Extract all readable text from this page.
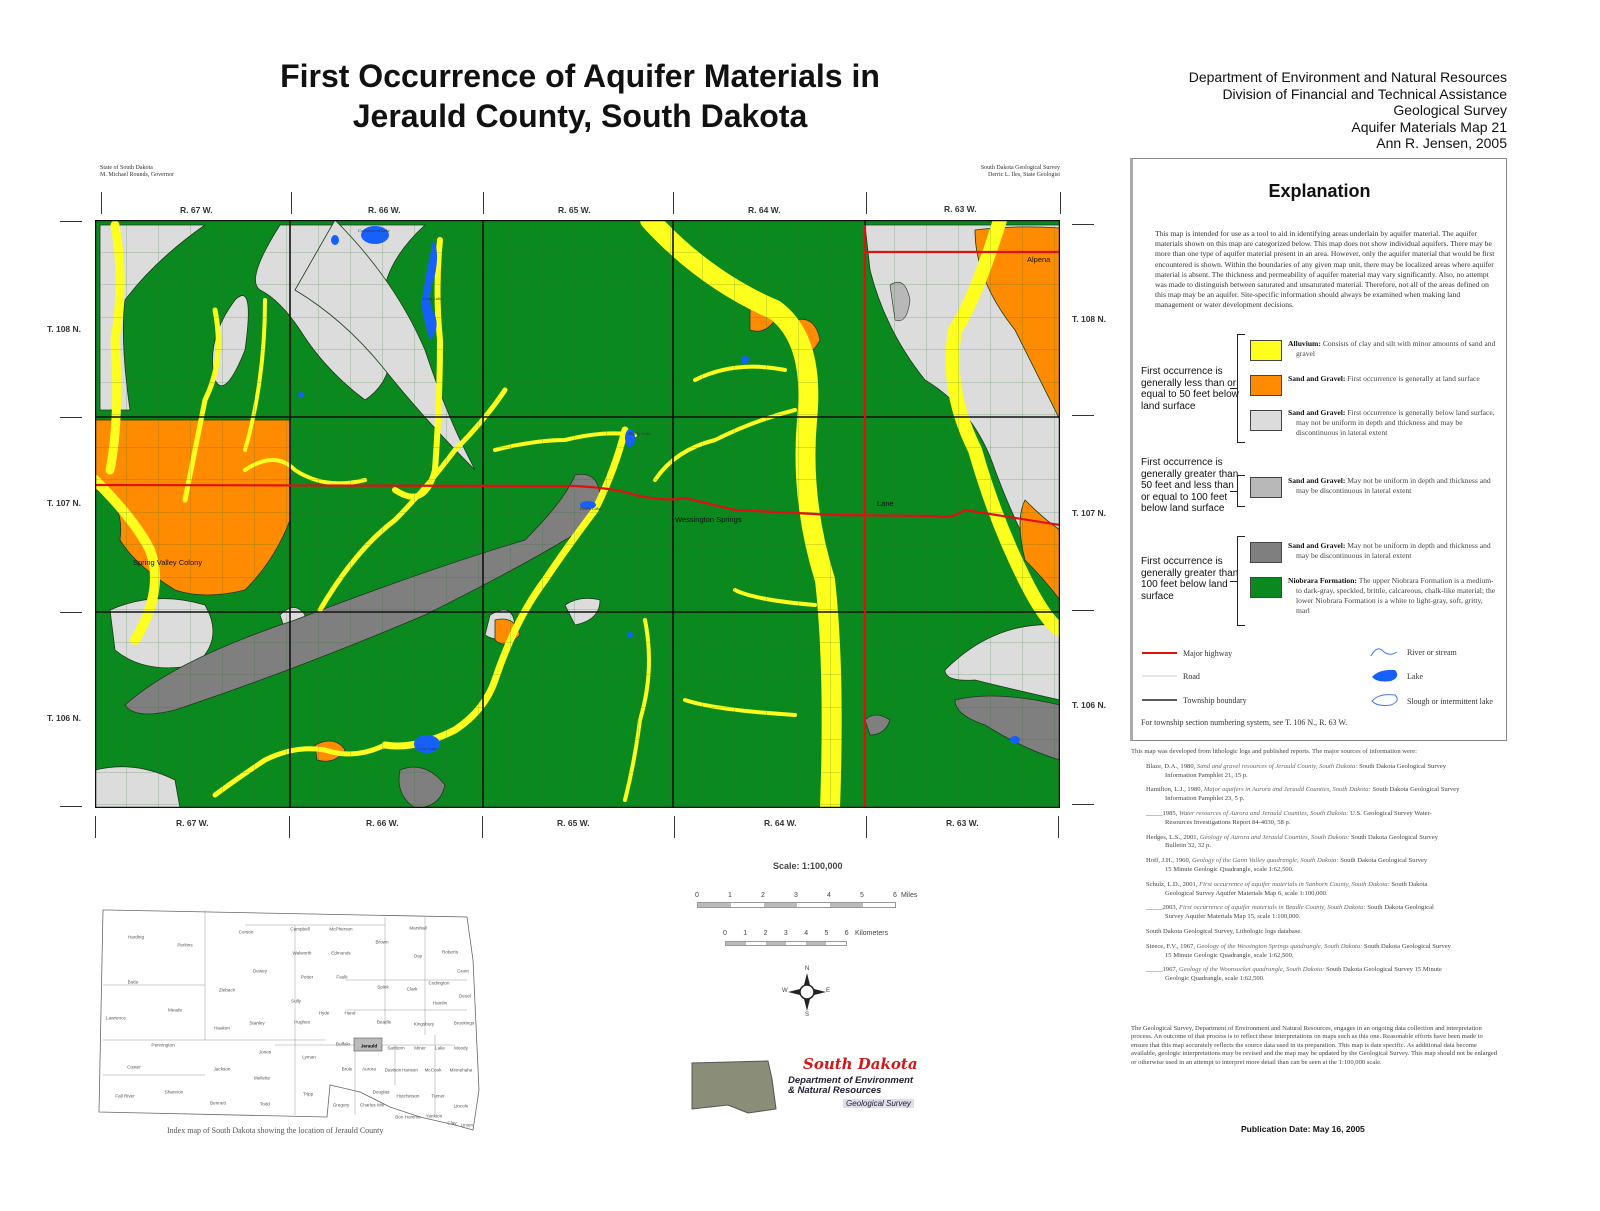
First Occurrence of Aquifer Materials in
Jerauld County, South Dakota
Department of Environment and Natural Resources
Division of Financial and Technical Assistance
Geological Survey
Aquifer Materials Map 21
Ann R. Jensen, 2005
State of South Dakota
M. Michael Rounds, Governor
South Dakota Geological Survey
Derric L. Iles, State Geologist
R. 67 W.	R. 66 W.	R. 65 W.	R. 64 W.	R. 63 W.
R. 67 W.	R. 66 W.	R. 65 W.	R. 64 W.	R. 63 W.
T. 108 N.
T. 107 N.
T. 106 N.
T. 108 N.
T. 107 N.
T. 106 N.
Alpena
Lane
Wessington Springs
Spring Valley Colony
Cottonwood Lake
Long Lake
Crow Lake
Dudley Lake
Dears Lake
Explanation
This map is intended for use as a tool to aid in identifying areas underlain by aquifer material. The aquifer materials shown on this map are categorized below. This map does not show individual aquifers. There may be more than one type of aquifer material present in an area. However, only the aquifer material that would be first encountered is shown. Within the boundaries of any given map unit, there may be localized areas where aquifer material is absent. The thickness and permeability of aquifer material may vary significantly. Also, no attempt was made to distinguish between saturated and unsaturated material. Therefore, not all of the areas defined on this map may be an aquifer. Site-specific information should always be examined when making land management or water development decisions.
First occurrence is generally less than or equal to 50 feet below land surface
First occurrence is generally greater than 50 feet and less than or equal to 100 feet below land surface
First occurrence is generally greater than 100 feet below land surface
Alluvium: Consists of clay and silt with minor amounts of sand and gravel
Sand and Gravel: First occurrence is generally at land surface
Sand and Gravel: First occurrence is generally below land surface, may not be uniform in depth and thickness and may be discontinuous in lateral extent
Sand and Gravel: May not be uniform in depth and thickness and may be discontinuous in lateral extent
Sand and Gravel: May not be uniform in depth and thickness and may be discontinuous in lateral extent
Niobrara Formation: The upper Niobrara Formation is a medium- to dark-gray, speckled, brittle, calcareous, chalk-like material; the lower Niobrara Formation is a white to light-gray, soft, gritty, marl
Major highway
Road
Township boundary
River or stream
Lake
Slough or intermittent lake
For township section numbering system, see T. 106 N., R. 63 W.
This map was developed from lithologic logs and published reports. The major sources of information were:
Blaze, D.A., 1980, Sand and gravel resources of Jerauld County, South Dakota: South Dakota Geological Survey
Information Pamphlet 21, 15 p.
Hamilton, L.J., 1980, Major aquifers in Aurora and Jerauld Counties, South Dakota: South Dakota Geological Survey
Information Pamphlet 23, 5 p.
_____1985, Water resources of Aurora and Jerauld Counties, South Dakota: U.S. Geological Survey Water-
Resources Investigations Report 84-4030, 58 p.
Hedges, L.S., 2001, Geology of Aurora and Jerauld Counties, South Dakota: South Dakota Geological Survey
Bulletin 32, 32 p.
Hoff, J.H., 1960, Geology of the Gann Valley quadrangle, South Dakota: South Dakota Geological Survey
15 Minute Geologic Quadrangle, scale 1:62,500.
Schulz, L.D., 2001, First occurrence of aquifer materials in Sanborn County, South Dakota: South Dakota
Geological Survey Aquifer Materials Map 6, scale 1:100,000.
_____2003, First occurrence of aquifer materials in Beadle County, South Dakota: South Dakota Geological
Survey Aquifer Materials Map 15, scale 1:100,000.
South Dakota Geological Survey, Lithologic logs database.
Steece, F.V., 1967, Geology of the Wessington Springs quadrangle, South Dakota: South Dakota Geological Survey
15 Minute Geologic Quadrangle, scale 1:62,500.
_____1967, Geology of the Woonsocket quadrangle, South Dakota: South Dakota Geological Survey 15 Minute
Geologic Quadrangle, scale 1:62,500.
The Geological Survey, Department of Environment and Natural Resources, engages in an ongoing data collection and interpretation process. An outcome of that process is to reflect these interpretations on maps such as this one. Reasonable efforts have been made to ensure that this map accurately reflects the source data used in its preparation. This map is date specific. As additional data become available, geologic interpretations may be revised and the map may be updated by the Geological Survey. This map should not be enlarged or otherwise used in an attempt to interpret more detail than can be seen at the 1:100,000 scale.
Publication Date: May 16, 2005
Scale: 1:100,000
Miles
Kilometers
N
S
W	E
South Dakota
Department of Environment
& Natural Resources
Geological Survey
Index map of South Dakota showing the location of Jerauld County
0	1	2	3	4	5	6
0 1 2 3 4 5 6
Harding
Perkins
Corson
Campbell	McPherson
Brown
Marshall
Roberts
Day
Grant
Walworth	Edmunds
Dewey
Butte
Ziebach
Potter	Faulk
Codington
Spink	Clark
Deuel
Hamlin
Sully
Meade
Lawrence
Hyde	Hand
Stanley	Hughes	Beadle	Kingsbury	Brookings
Haakon
Pennington
Jones
Buffalo Jerauld Sanborn Miner Lake Moody
Lyman
Custer	Jackson	Brule Aurora Davison Hanson McCook Minnehaha
Mellette
Shannon
Fall River	Tripp
Bennett	Todd	Gregory
Douglas
Hutchinson	Turner
Charles Mix	Lincoln
Bon Homme Yankton
Clay Union
